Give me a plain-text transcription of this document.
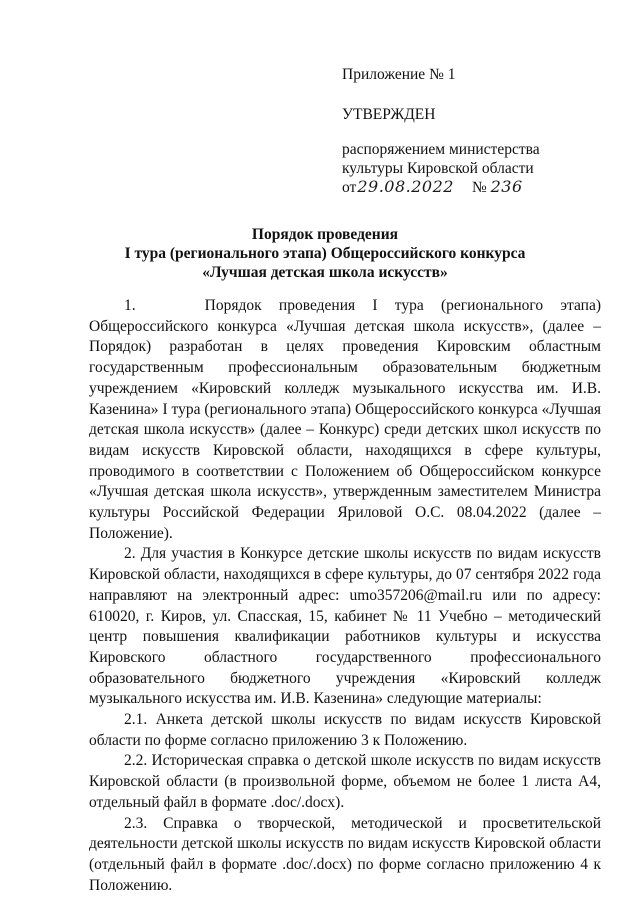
Приложение № 1
УТВЕРЖДЕН
распоряжением министерства
культуры Кировской области
от29.08.2022 № 236
Порядок проведения
I тура (регионального этапа) Общероссийского конкурса
«Лучшая детская школа искусств»

1.    Порядок проведения I тура (регионального этапа) Общероссийского конкурса «Лучшая детская школа искусств», (далее – Порядок) разработан в целях проведения Кировским областным государственным профессиональным образовательным бюджетным учреждением «Кировский колледж музыкального искусства им. И.В. Казенина» I тура (регионального этапа) Общероссийского конкурса «Лучшая детская школа искусств» (далее – Конкурс) среди детских школ искусств по видам искусств Кировской области, находящихся в сфере культуры, проводимого в соответствии с Положением об Общероссийском конкурсе «Лучшая детская школа искусств», утвержденным заместителем Министра культуры Российской Федерации Яриловой О.С. 08.04.2022 (далее – Положение).

2. Для участия в Конкурсе детские школы искусств по видам искусств Кировской области, находящихся в сфере культуры, до 07 сентября 2022 года направляют на электронный адрес: umo357206@mail.ru или по адресу: 610020, г. Киров, ул. Спасская, 15, кабинет № 11 Учебно – методический центр повышения квалификации работников культуры и искусства Кировского областного государственного профессионального образовательного бюджетного учреждения «Кировский колледж музыкального искусства им. И.В. Казенина» следующие материалы:

2.1. Анкета детской школы искусств по видам искусств Кировской области по форме согласно приложению 3 к Положению.

2.2. Историческая справка о детской школе искусств по видам искусств Кировской области (в произвольной форме, объемом не более 1 листа А4, отдельный файл в формате .doc/.docx).

2.3. Справка о творческой, методической и просветительской деятельности детской школы искусств по видам искусств Кировской области (отдельный файл в формате .doc/.docx) по форме согласно приложению 4 к Положению.
